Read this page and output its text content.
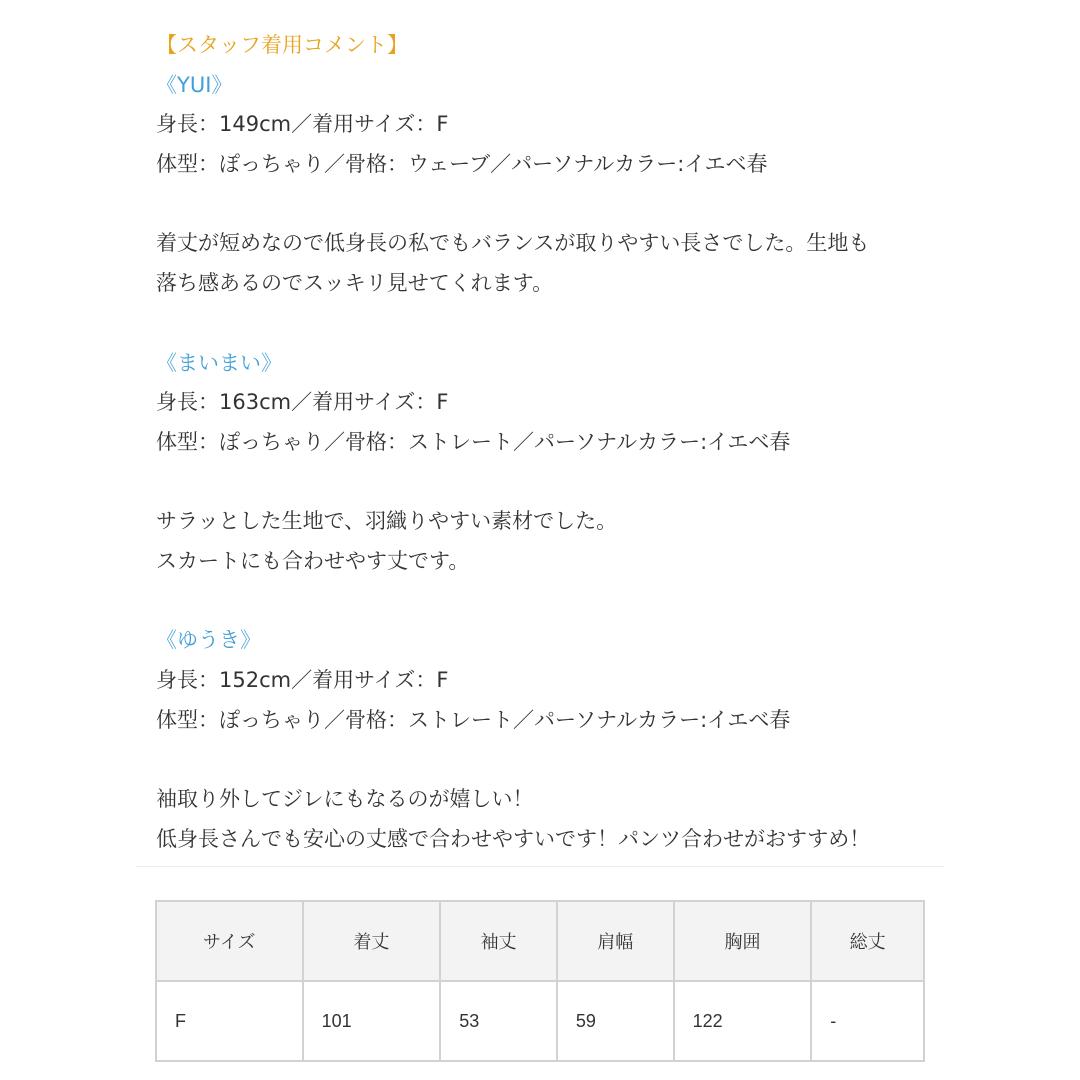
【スタッフ着用コメント】
《YUI》
身長：149cm／着用サイズ：F
体型：ぽっちゃり／骨格：ウェーブ／パーソナルカラー:イエベ春
着丈が短めなので低身長の私でもバランスが取りやすい長さでした。生地も
落ち感あるのでスッキリ見せてくれます。
《まいまい》
身長：163cm／着用サイズ：F
体型：ぽっちゃり／骨格：ストレート／パーソナルカラー:イエベ春
サラッとした生地で、羽織りやすい素材でした。
スカートにも合わせやす丈です。
《ゆうき》
身長：152cm／着用サイズ：F
体型：ぽっちゃり／骨格：ストレート／パーソナルカラー:イエベ春
袖取り外してジレにもなるのが嬉しい！
低身長さんでも安心の丈感で合わせやすいです！パンツ合わせがおすすめ！
サイズ	着丈	袖丈	肩幅	胸囲	総丈
F	101	53	59	122	-
